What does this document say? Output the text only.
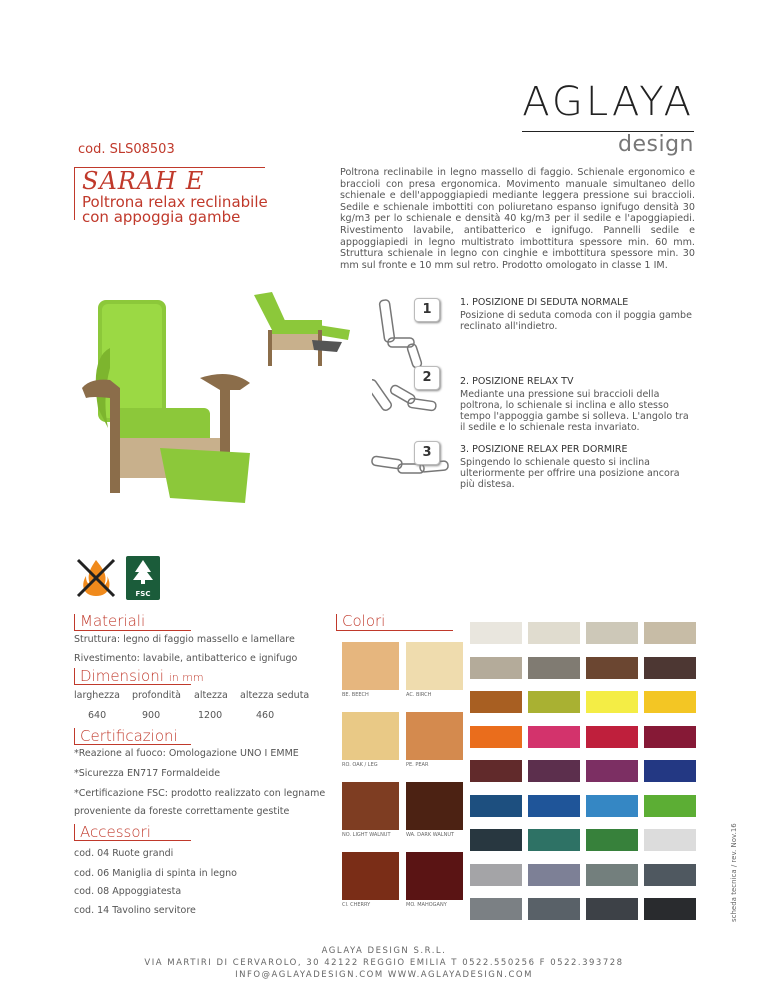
AGLAYA
design
cod. SLS08503
SARAH E
Poltrona relax reclinabile con appoggia gambe
Poltrona reclinabile in legno massello di faggio. Schienale ergonomico e braccioli con presa ergonomica. Movimento manuale simultaneo dello schienale e dell'appoggiapiedi mediante leggera pressione sui braccioli. Sedile e schienale imbottiti con poliuretano espanso ignifugo densità 30 kg/m3 per lo schienale e densità 40 kg/m3 per il sedile e l'apoggiapiedi. Rivestimento lavabile, antibatterico e ignifugo. Pannelli sedile e appoggiapiedi in legno multistrato imbottitura spessore min. 60 mm. Struttura schienale in legno con cinghie e imbottitura spessore min. 30 mm sul fronte e 10 mm sul retro. Prodotto omologato in classe 1 IM.
1	1. POSIZIONE DI SEDUTA NORMALE
Posizione di seduta comoda con il poggia gambe reclinato all'indietro.
2	2. POSIZIONE RELAX TV
Mediante una pressione sui braccioli della poltrona, lo schienale si inclina e allo stesso tempo l'appoggia gambe si solleva. L'angolo tra il sedile e lo schienale resta invariato.
3	3. POSIZIONE RELAX PER DORMIRE
Spingendo lo schienale questo si inclina ulteriormente per offrire una posizione ancora più distesa.
FSC
Materiali
Struttura: legno di faggio massello e lamellare
Rivestimento: lavabile, antibatterico e ignifugo
Dimensioni in mm
larghezza profondità altezza altezza seduta
640	900	1200	460
Certificazioni
*Reazione al fuoco: Omologazione UNO I EMME
*Sicurezza EN717 Formaldeide
*Certificazione FSC: prodotto realizzato con legname
proveniente da foreste correttamente gestite
Accessori
cod. 04 Ruote grandi
cod. 06 Maniglia di spinta in legno
cod. 08 Appoggiatesta
cod. 14 Tavolino servitore
Colori
BE. BEECH	AC. BIRCH
RO. OAK / LEG	PE. PEAR
NO. LIGHT WALNUT	WA. DARK WALNUT
CI. CHERRY	MO. MAHOGANY	scheda tecnica / rev. Nov.16
AGLAYA DESIGN S.R.L.
VIA MARTIRI DI CERVAROLO, 30 42122 REGGIO EMILIA T 0522.550256 F 0522.393728
INFO@AGLAYADESIGN.COM WWW.AGLAYADESIGN.COM
